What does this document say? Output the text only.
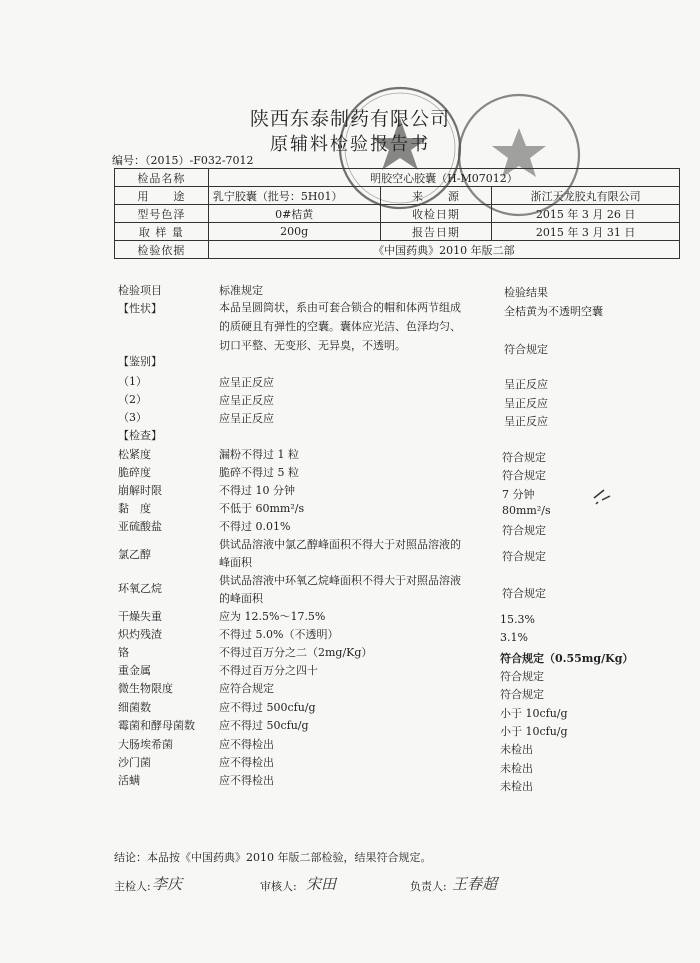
陕西东泰制药有限公司
原辅料检验报告书
编号：（2015）-F032-7012
检品名称	明胶空心胶囊（H-M07012）		
用　　途	乳宁胶囊（批号：5H01）	来　　源	浙江天龙胶丸有限公司
型号色泽	0#桔黄	收检日期	2015 年 3 月 26 日
取 样 量	200g	报告日期	2015 年 3 月 31 日
检验依据	《中国药典》2010 年版二部		
检验项目	标准规定	检验结果
【性状】	本品呈圆筒状，系由可套合锁合的帽和体两节组成
的质硬且有弹性的空囊。囊体应光洁、色泽均匀、
切口平整、无变形、无异臭，不透明。
全桔黄为不透明空囊
符合规定
【鉴别】
（1）	应呈正反应	呈正反应
（2）	应呈正反应	呈正反应
（3）	应呈正反应	呈正反应
【检查】
松紧度	漏粉不得过 1 粒	符合规定
脆碎度	脆碎不得过 5 粒	符合规定
崩解时限	不得过 10 分钟	7 分钟
黏　度	不低于 60mm²/s	80mm²/s
亚硫酸盐	不得过 0.01%	符合规定
氯乙醇
供试品溶液中氯乙醇峰面积不得大于对照品溶液的
峰面积	符合规定
环氧乙烷
供试品溶液中环氧乙烷峰面积不得大于对照品溶液
的峰面积	符合规定
干燥失重	应为 12.5%～17.5%	15.3%
炽灼残渣	不得过 5.0%（不透明）	3.1%
铬	不得过百万分之二（2mg/Kg）	符合规定（0.55mg/Kg）
重金属	不得过百万分之四十	符合规定
微生物限度	应符合规定	符合规定
细菌数	应不得过 500cfu/g	小于 10cfu/g
霉菌和酵母菌数 应不得过 50cfu/g	小于 10cfu/g
大肠埃希菌	应不得检出	未检出
沙门菌	应不得检出	未检出
活螨	应不得检出	未检出
结论：本品按《中国药典》2010 年版二部检验，结果符合规定。
主检人: 李庆	审核人: 宋田	负责人: 王春超
